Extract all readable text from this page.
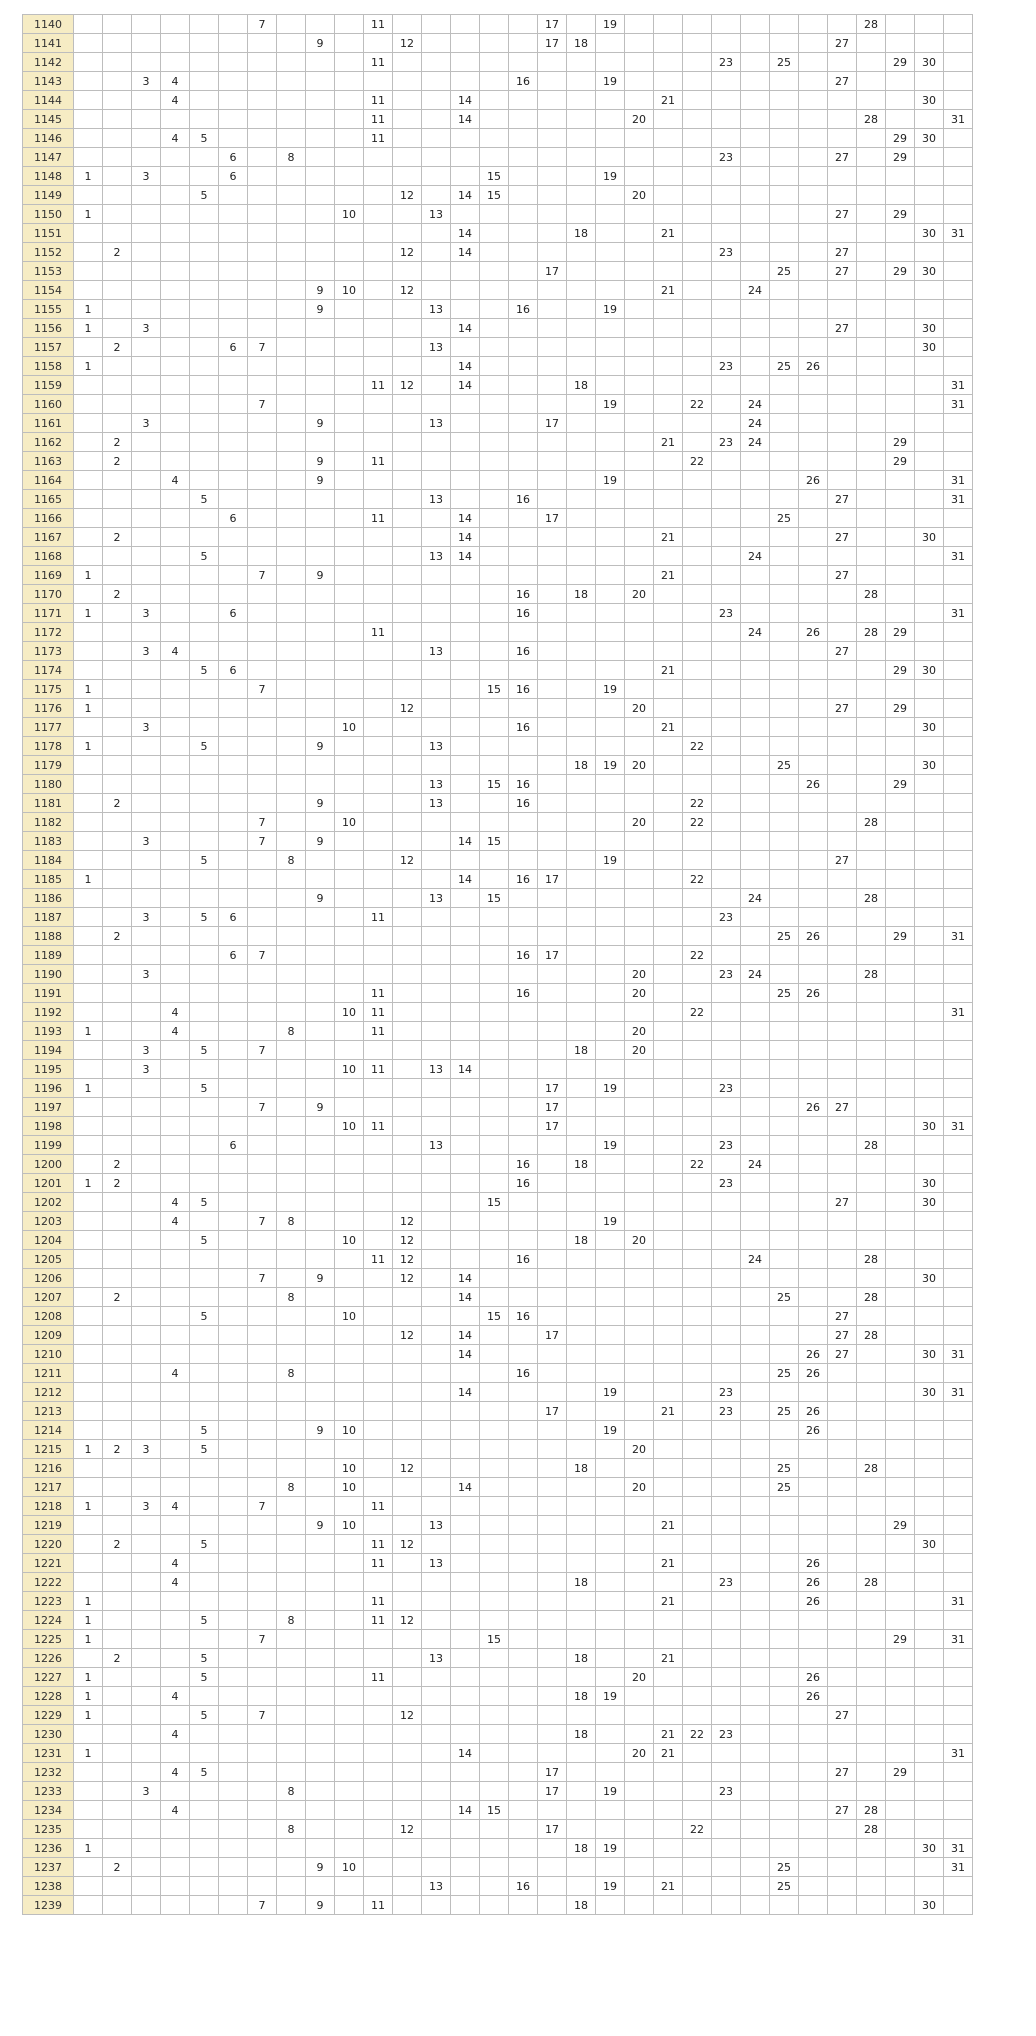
1140							7				11						17		19									28			
1141									9			12					17	18									27				
1142											11												23		25				29	30	
1143			3	4												16			19								27				
1144				4							11			14							21									30	
1145											11			14						20								28			31
1146				4	5						11																		29	30	
1147						6		8															23				27		29		
1148	1		3			6									15				19												
1149					5							12		14	15					20											
1150	1									10			13														27		29		
1151														14				18			21									30	31
1152		2										12		14									23				27				
1153																	17								25		27		29	30	
1154									9	10		12									21			24							
1155	1								9				13			16			19												
1156	1		3											14													27			30	
1157		2				6	7						13																	30	
1158	1													14									23		25	26					
1159											11	12		14				18													31
1160							7												19			22		24							31
1161			3						9				13				17							24							
1162		2																			21		23	24					29		
1163		2							9		11											22							29		
1164				4					9										19							26					31
1165					5								13			16											27				31
1166						6					11			14			17								25						
1167		2												14							21						27			30	
1168					5								13	14										24							31
1169	1						7		9												21						27				
1170		2														16		18		20								28			
1171	1		3			6										16							23								31
1172											11													24		26		28	29		
1173			3	4									13			16											27				
1174					5	6															21								29	30	
1175	1						7								15	16			19												
1176	1											12								20							27		29		
1177			3							10						16					21									30	
1178	1				5				9				13									22									
1179																		18	19	20					25					30	
1180													13		15	16										26			29		
1181		2							9				13			16						22									
1182							7			10										20		22						28			
1183			3				7		9					14	15																
1184					5			8				12							19								27				
1185	1													14		16	17					22									
1186									9				13		15									24				28			
1187			3		5	6					11												23								
1188		2																							25	26			29		31
1189						6	7									16	17					22									
1190			3																	20			23	24				28			
1191											11					16				20					25	26					
1192				4						10	11											22									31
1193	1			4				8			11									20											
1194			3		5		7											18		20											
1195			3							10	11		13	14																	
1196	1				5												17		19				23								
1197							7		9								17									26	27				
1198										10	11						17													30	31
1199						6							13						19				23					28			
1200		2														16		18				22		24							
1201	1	2														16							23							30	
1202				4	5										15												27			30	
1203				4			7	8				12							19												
1204					5					10		12						18		20											
1205											11	12				16								24				28			
1206							7		9			12		14																30	
1207		2						8						14											25			28			
1208					5					10					15	16											27				
1209												12		14			17										27	28			
1210														14												26	27			30	31
1211				4				8								16									25	26					
1212														14					19				23							30	31
1213																	17				21		23		25	26					
1214					5				9	10									19							26					
1215	1	2	3		5															20											
1216										10		12						18							25			28			
1217								8		10				14						20					25						
1218	1		3	4			7				11																				
1219									9	10			13								21								29		
1220		2			5						11	12																		30	
1221				4							11		13								21					26					
1222				4														18					23			26		28			
1223	1										11										21					26					31
1224	1				5			8			11	12																			
1225	1						7								15														29		31
1226		2			5								13					18			21										
1227	1				5						11									20						26					
1228	1			4														18	19							26					
1229	1				5		7					12															27				
1230				4														18			21	22	23								
1231	1													14						20	21										31
1232				4	5												17										27		29		
1233			3					8									17		19				23								
1234				4										14	15												27	28			
1235								8				12					17					22						28			
1236	1																	18	19											30	31
1237		2							9	10															25						31
1238													13			16			19		21				25						
1239							7		9		11							18												30	
